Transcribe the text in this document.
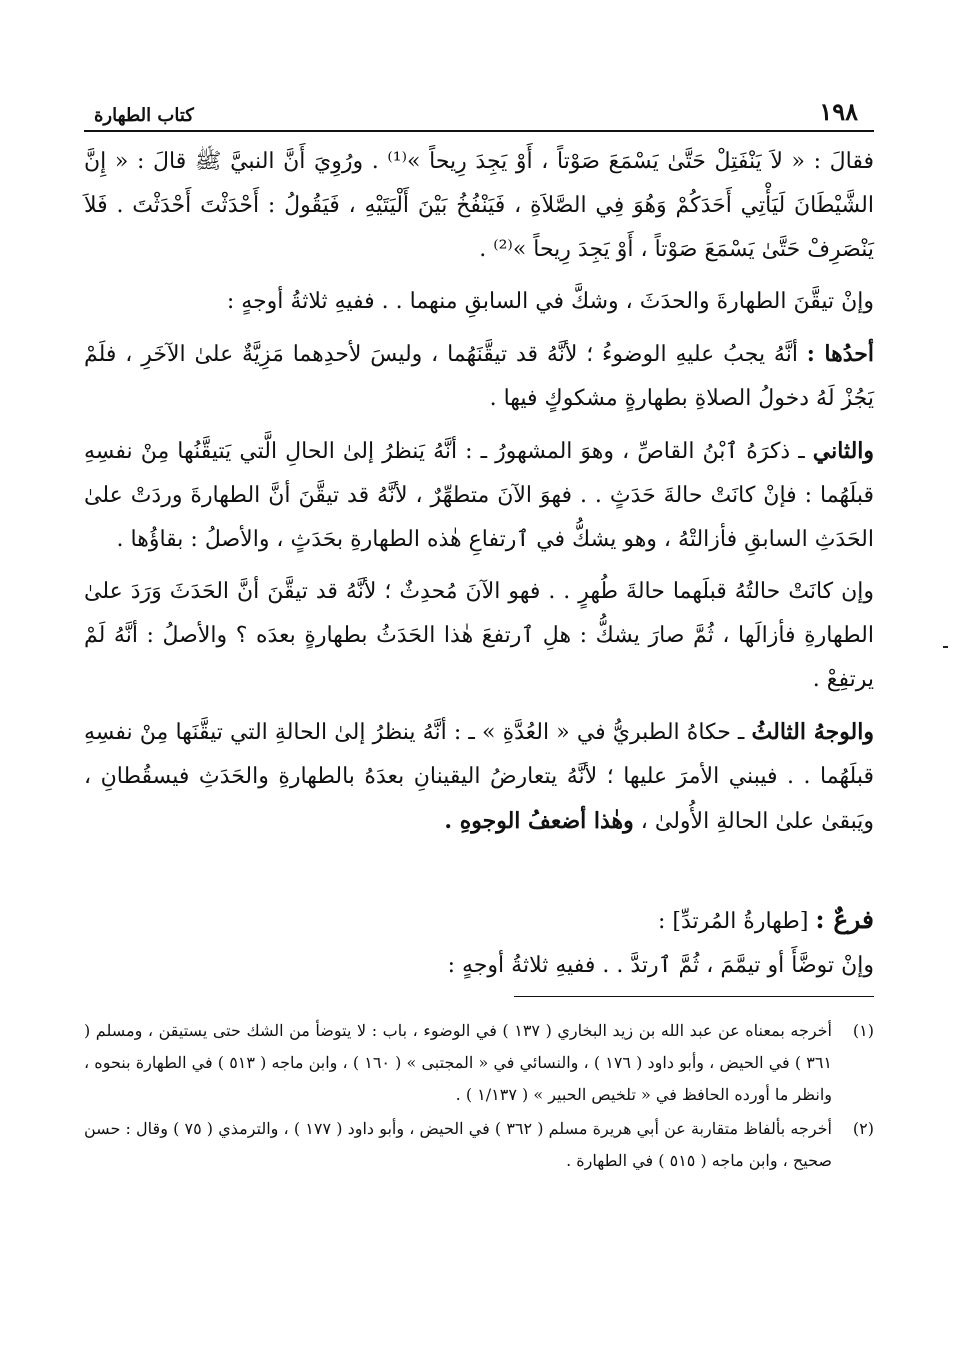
١٩٨
كتاب الطهارة

فقالَ : « لاَ يَنْفَتِلْ حَتَّىٰ يَسْمَعَ صَوْتاً ، أَوْ يَجِدَ رِيحاً »⁽¹⁾ . ورُوِيَ أَنَّ النبيَّ ﷺ قالَ : « إِنَّ الشَّيْطَانَ لَيَأْتِي أَحَدَكُمْ وَهُوَ فِي الصَّلاَةِ ، فَيَنْفُخُ بَيْنَ أَلْيَتَيْهِ ، فَيَقُولُ : أَحْدَثْتَ أَحْدَثْتَ . فَلاَ يَنْصَرِفْ حَتَّىٰ يَسْمَعَ صَوْتاً ، أَوْ يَجِدَ رِيحاً »⁽²⁾ .

وإنْ تيقَّنَ الطهارةَ والحدَثَ ، وشكَّ في السابقِ منهما . . ففيهِ ثلاثةُ أوجهٍ :

أحدُها : أنَّهُ يجبُ عليهِ الوضوءُ ؛ لأنَّهُ قد تيقَّنَهُما ، وليسَ لأحدِهما مَزِيَّةٌ علىٰ الآخَرِ ، فلَمْ يَجُزْ لَهُ دخولُ الصلاةِ بطهارةٍ مشكوكٍ فيها .

والثاني ـ ذكرَهُ ٱبْنُ القاصِّ ، وهوَ المشهورُ ـ : أنَّهُ يَنظرُ إلىٰ الحالِ الَّتي يَتيقَّنُها مِنْ نفسِهِ قبلَهُما : فإنْ كانَتْ حالةَ حَدَثٍ . . فهوَ الآنَ متطهِّرٌ ، لأنَّهُ قد تيقَّنَ أنَّ الطهارةَ وردَتْ علىٰ الحَدَثِ السابقِ فأزالتْهُ ، وهو يشكُّ في ٱرتفاعِ هٰذه الطهارةِ بحَدَثٍ ، والأصلُ : بقاؤُها .

وإن كانَتْ حالتُهُ قبلَهما حالةَ طُهرٍ . . فهو الآنَ مُحدِثٌ ؛ لأنَّهُ قد تيقَّنَ أنَّ الحَدَثَ وَرَدَ علىٰ الطهارةِ فأزالَها ، ثُمَّ صارَ يشكُّ : هلِ ٱرتفعَ هٰذا الحَدَثُ بطهارةٍ بعدَه ؟ والأصلُ : أنَّهُ لَمْ يرتفِعْ .

والوجهُ الثالثُ ـ حكاهُ الطبريُّ في « العُدَّةِ » ـ : أنَّهُ ينظرُ إلىٰ الحالةِ التي تيقَّنَها مِنْ نفسِهِ قبلَهُما . . فيبني الأمرَ عليها ؛ لأنَّهُ يتعارضُ اليقينانِ بعدَهُ بالطهارةِ والحَدَثِ فيسقُطانِ ، ويَبقىٰ علىٰ الحالةِ الأُولىٰ ، وهٰذا أضعفُ الوجوهِ .

فرعٌ : [طهارةُ المُرتدِّ] :

وإنْ توضَّأَ أو تيمَّمَ ، ثُمَّ ٱرتدَّ . . ففيهِ ثلاثةُ أوجهٍ :

(١)
أخرجه بمعناه عن عبد الله بن زيد البخاري ( ١٣٧ ) في الوضوء ، باب : لا يتوضأ من الشك حتى يستيقن ، ومسلم ( ٣٦١ ) في الحيض ، وأبو داود ( ١٧٦ ) ، والنسائي في « المجتبى » ( ١٦٠ ) ، وابن ماجه ( ٥١٣ ) في الطهارة بنحوه ، وانظر ما أورده الحافظ في « تلخيص الحبير » ( ١/١٣٧ ) .
(٢)
أخرجه بألفاظ متقاربة عن أبي هريرة مسلم ( ٣٦٢ ) في الحيض ، وأبو داود ( ١٧٧ ) ، والترمذي ( ٧٥ ) وقال : حسن صحيح ، وابن ماجه ( ٥١٥ ) في الطهارة .
